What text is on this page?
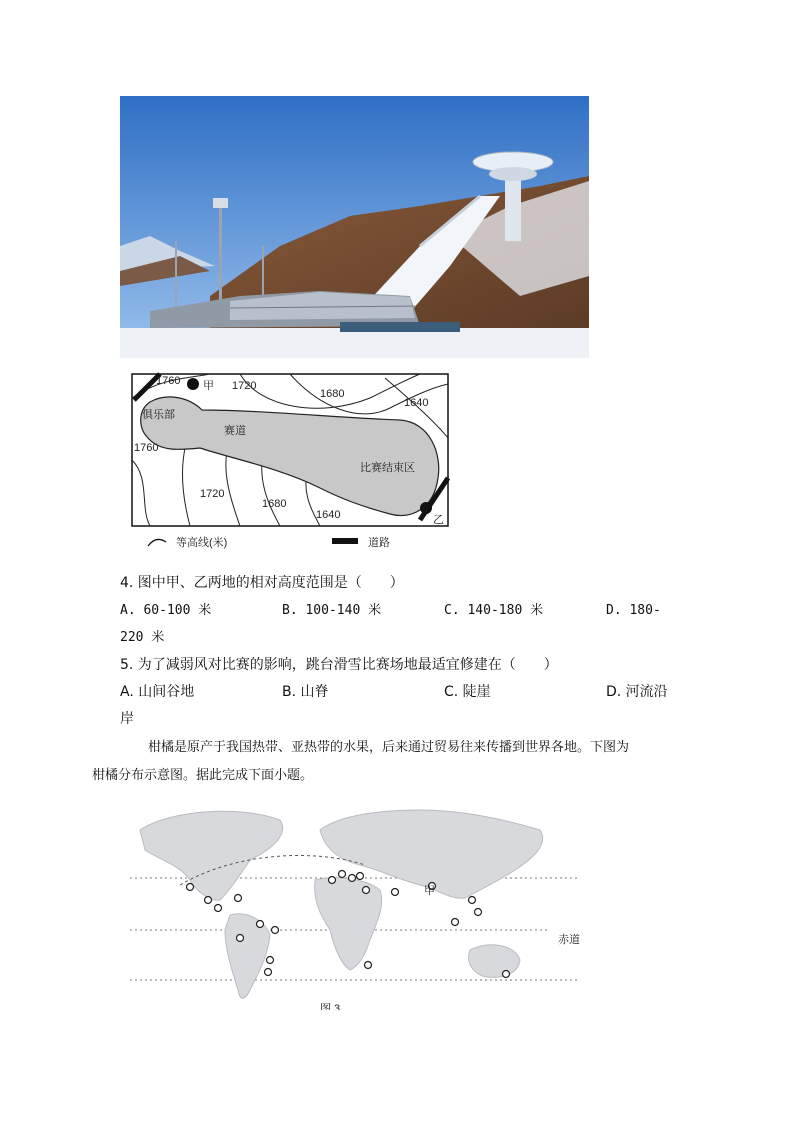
1760	1720
1680
1640
1760
1720
1680
1640
甲
乙
俱乐部
赛道
比赛结束区
等高线(米)	道路
4. 图中甲、乙两地的相对高度范围是（　　）
A. 60-100 米	B. 100-140 米	C. 140-180 米	D. 180-
220 米
5. 为了减弱风对比赛的影响，跳台滑雪比赛场地最适宜修建在（　　）
A. 山间谷地	B. 山脊	C. 陡崖	D. 河流沿
岸
柑橘是原产于我国热带、亚热带的水果，后来通过贸易往来传播到世界各地。下图为
柑橘分布示意图。据此完成下面小题。
甲
赤道
图 3
